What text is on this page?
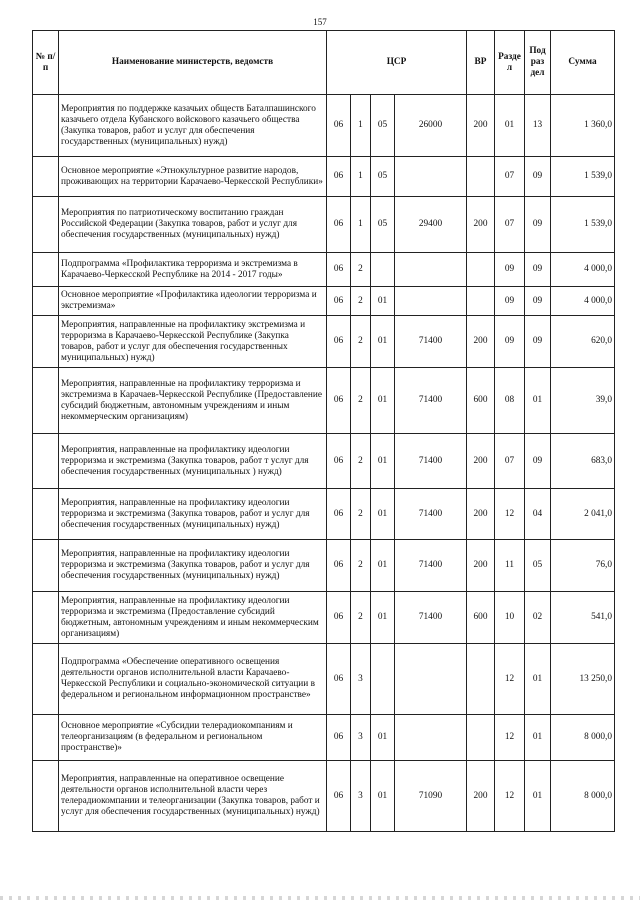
157
№ п/п	Наименование министерств, ведомств	ЦСР				ВР	Разде л	Под раз дел	Сумма
	Мероприятия по поддержке казачьих обществ Баталпашинского казачьего отдела Кубанского войскового казачьего общества (Закупка товаров, работ и услуг для обеспечения государственных (муниципальных) нужд)	06	1	05	26000	200	01	13	1 360,0
	Основное мероприятие «Этнокультурное развитие народов, проживающих на территории Карачаево-Черкесской Республики»	06	1	05			07	09	1 539,0
	Мероприятия по патриотическому воспитанию граждан Российской Федерации (Закупка товаров, работ и услуг для обеспечения государственных (муниципальных) нужд)	06	1	05	29400	200	07	09	1 539,0
	Подпрограмма «Профилактика терроризма и экстремизма в Карачаево-Черкесской Республике на 2014 - 2017 годы»	06	2				09	09	4 000,0
	Основное мероприятие «Профилактика идеологии терроризма и экстремизма»	06	2	01			09	09	4 000,0
	Мероприятия, направленные на профилактику экстремизма и терроризма в Карачаево-Черкесской Республике (Закупка товаров, работ и услуг для обеспечения государственных муниципальных) нужд)	06	2	01	71400	200	09	09	620,0
	Мероприятия, направленные на профилактику терроризма и экстремизма в Карачаев-Черкесской Республике (Предоставление субсидий бюджетным, автономным учреждениям и иным некоммерческим организациям)	06	2	01	71400	600	08	01	39,0
	Мероприятия, направленные на профилактику идеологии терроризма и экстремизма (Закупка товаров, работ т услуг для обеспечения государственных (муниципальных ) нужд)	06	2	01	71400	200	07	09	683,0
	Мероприятия, направленные на профилактику идеологии терроризма и экстремизма (Закупка товаров, работ и услуг для обеспечения государственных (муниципальных) нужд)	06	2	01	71400	200	12	04	2 041,0
	Мероприятия, направленные на профилактику идеологии терроризма и экстремизма (Закупка товаров, работ и услуг для обеспечения государственных (муниципальных) нужд)	06	2	01	71400	200	11	05	76,0
	Мероприятия, направленные на профилактику идеологии терроризма и экстремизма (Предоставление субсидий бюджетным, автономным учреждениям и иным некоммерческим организациям)	06	2	01	71400	600	10	02	541,0
	Подпрограмма «Обеспечение оперативного освещения деятельности органов исполнительной власти Карачаево-Черкесской Республики и социально-экономической ситуации в федеральном и региональном информационном пространстве»	06	3				12	01	13 250,0
	Основное мероприятие «Субсидии телерадиокомпаниям и телеорганизациям (в федеральном и региональном пространстве)»	06	3	01			12	01	8 000,0
	Мероприятия, направленные на оперативное освещение деятельности органов исполнительной власти через телерадиокомпании и телеорганизации (Закупка товаров, работ и услуг для обеспечения государственных (муниципальных) нужд)	06	3	01	71090	200	12	01	8 000,0
